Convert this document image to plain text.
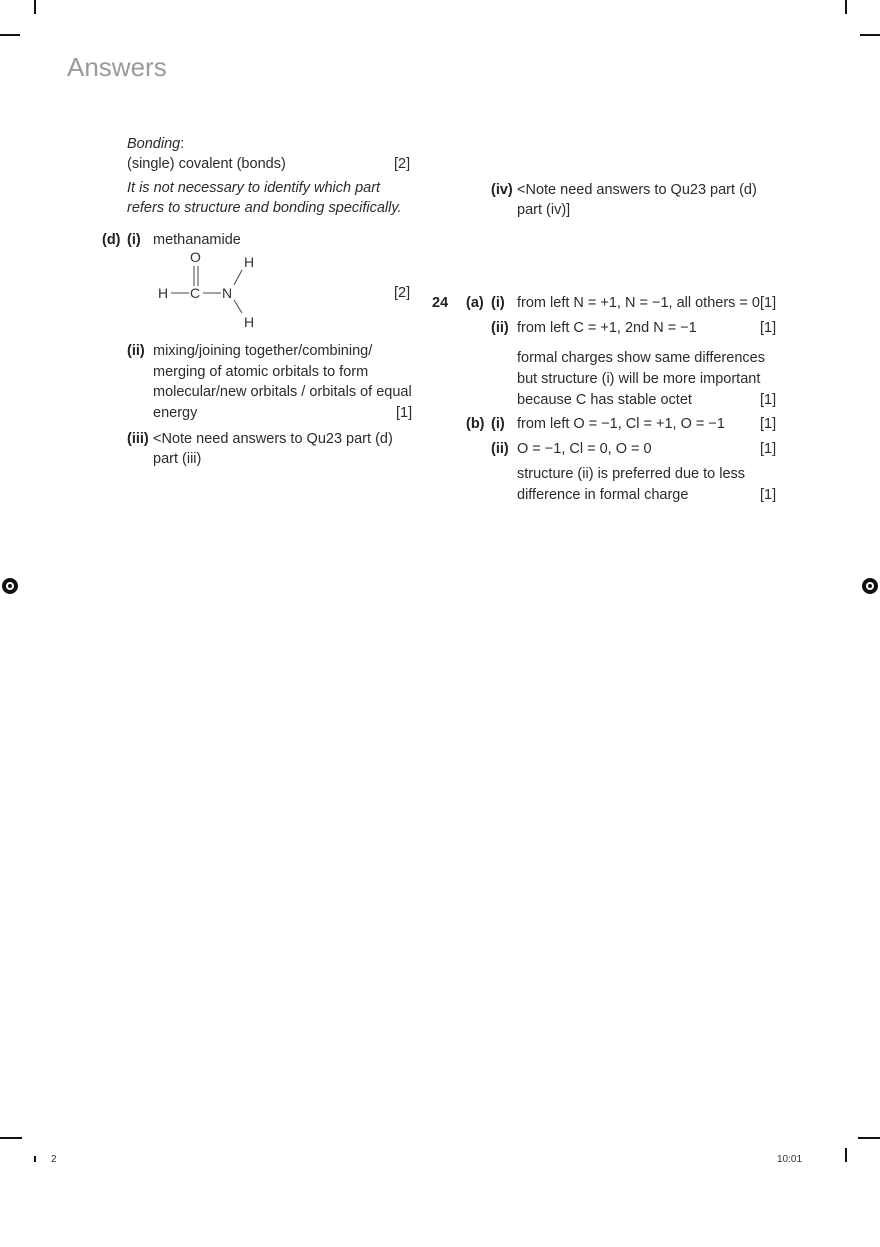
Answers
Bonding:
(single) covalent (bonds)	[2]
It is not necessary to identify which part
refers to structure and bonding specifically.
(d) (i) methanamide
O
H C N
H
H
[2]
(ii) mixing/joining together/combining/
merging of atomic orbitals to form
molecular/new orbitals / orbitals of equal
energy	[1]
(iii) <Note need answers to Qu23 part (d)
part (iii)
(iv) <Note need answers to Qu23 part (d)
part (iv)]
24 (a) (i) from left N = +1, N = −1, all others = 0 [1]
(ii) from left C = +1, 2nd N = −1	[1]
formal charges show same differences
but structure (i) will be more important
because C has stable octet	[1]
(b) (i) from left O = −1, Cl = +1, O = −1 [1]
(ii) O = −1, Cl = 0, O = 0	[1]
structure (ii) is preferred due to less
difference in formal charge	[1]
2	10:01
